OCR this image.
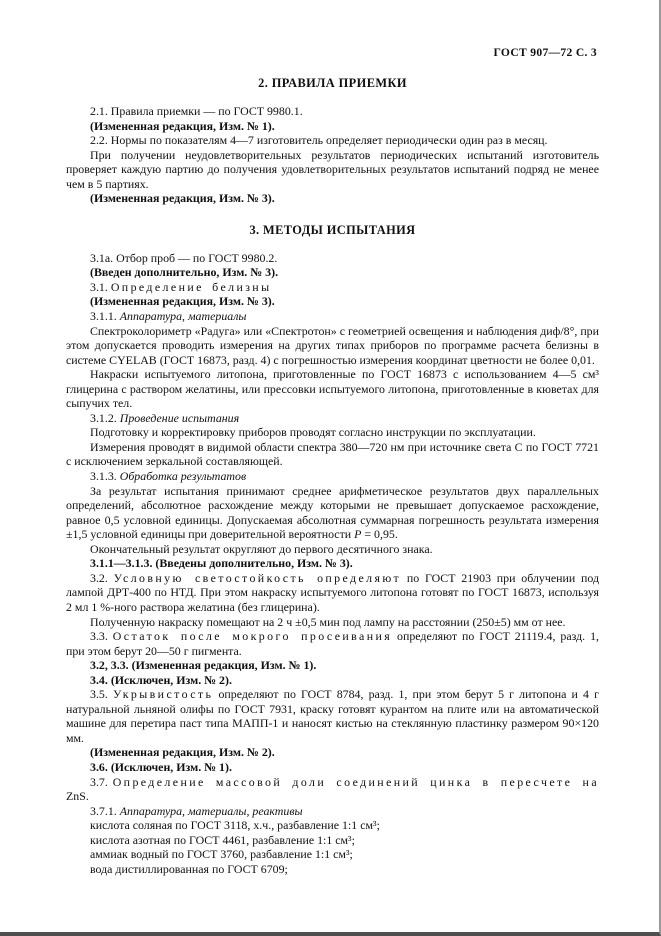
ГОСТ 907—72 С. 3
2. ПРАВИЛА ПРИЕМКИ

2.1. Правила приемки — по ГОСТ 9980.1.

(Измененная редакция, Изм. № 1).

2.2. Нормы по показателям 4—7 изготовитель определяет периодически один раз в месяц.

При получении неудовлетворительных результатов периодических испытаний изготовитель проверяет каждую партию до получения удовлетворительных результатов испытаний подряд не менее чем в 5 партиях.

(Измененная редакция, Изм. № 3).

3. МЕТОДЫ ИСПЫТАНИЯ

3.1а. Отбор проб — по ГОСТ 9980.2.

(Введен дополнительно, Изм. № 3).

3.1. Определение белизны

(Измененная редакция, Изм. № 3).

3.1.1. Аппаратура, материалы

Спектроколориметр «Радуга» или «Спектротон» с геометрией освещения и наблюдения диф/8°, при этом допускается проводить измерения на других типах приборов по программе расчета белизны в системе CYELAB (ГОСТ 16873, разд. 4) с погрешностью измерения координат цветности не более 0,01.

Накраски испытуемого литопона, приготовленные по ГОСТ 16873 с использованием 4—5 см³ глицерина с раствором желатины, или прессовки испытуемого литопона, приготовленные в кюветах для сыпучих тел.

3.1.2. Проведение испытания

Подготовку и корректировку приборов проводят согласно инструкции по эксплуатации.

Измерения проводят в видимой области спектра 380—720 нм при источнике света С по ГОСТ 7721 с исключением зеркальной составляющей.

3.1.3. Обработка результатов

За результат испытания принимают среднее арифметическое результатов двух параллельных определений, абсолютное расхождение между которыми не превышает допускаемое расхождение, равное 0,5 условной единицы. Допускаемая абсолютная суммарная погрешность результата измерения ±1,5 условной единицы при доверительной вероятности Р = 0,95.

Окончательный результат округляют до первого десятичного знака.

3.1.1—3.1.3. (Введены дополнительно, Изм. № 3).

3.2. Условную светостойкость определяют по ГОСТ 21903 при облучении под лампой ДРТ-400 по НТД. При этом накраску испытуемого литопона готовят по ГОСТ 16873, используя 2 мл 1 %-ного раствора желатина (без глицерина).

Полученную накраску помещают на 2 ч ±0,5 мин под лампу на расстоянии (250±5) мм от нее.

3.3. Остаток после мокрого просеивания определяют по ГОСТ 21119.4, разд. 1, при этом берут 20—50 г пигмента.

3.2, 3.3. (Измененная редакция, Изм. № 1).

3.4. (Исключен, Изм. № 2).

3.5. Укрывистость определяют по ГОСТ 8784, разд. 1, при этом берут 5 г литопона и 4 г натуральной льняной олифы по ГОСТ 7931, краску готовят курантом на плите или на автоматической машине для перетира паст типа МАПП-1 и наносят кистью на стеклянную пластинку размером 90×120 мм.

(Измененная редакция, Изм. № 2).

3.6. (Исключен, Изм. № 1).

3.7. Определение массовой доли соединений цинка в пересчете на ZnS.

3.7.1. Аппаратура, материалы, реактивы

кислота соляная по ГОСТ 3118, х.ч., разбавление 1:1 см³;

кислота азотная по ГОСТ 4461, разбавление 1:1 см³;

аммиак водный по ГОСТ 3760, разбавление 1:1 см³;

вода дистиллированная по ГОСТ 6709;
